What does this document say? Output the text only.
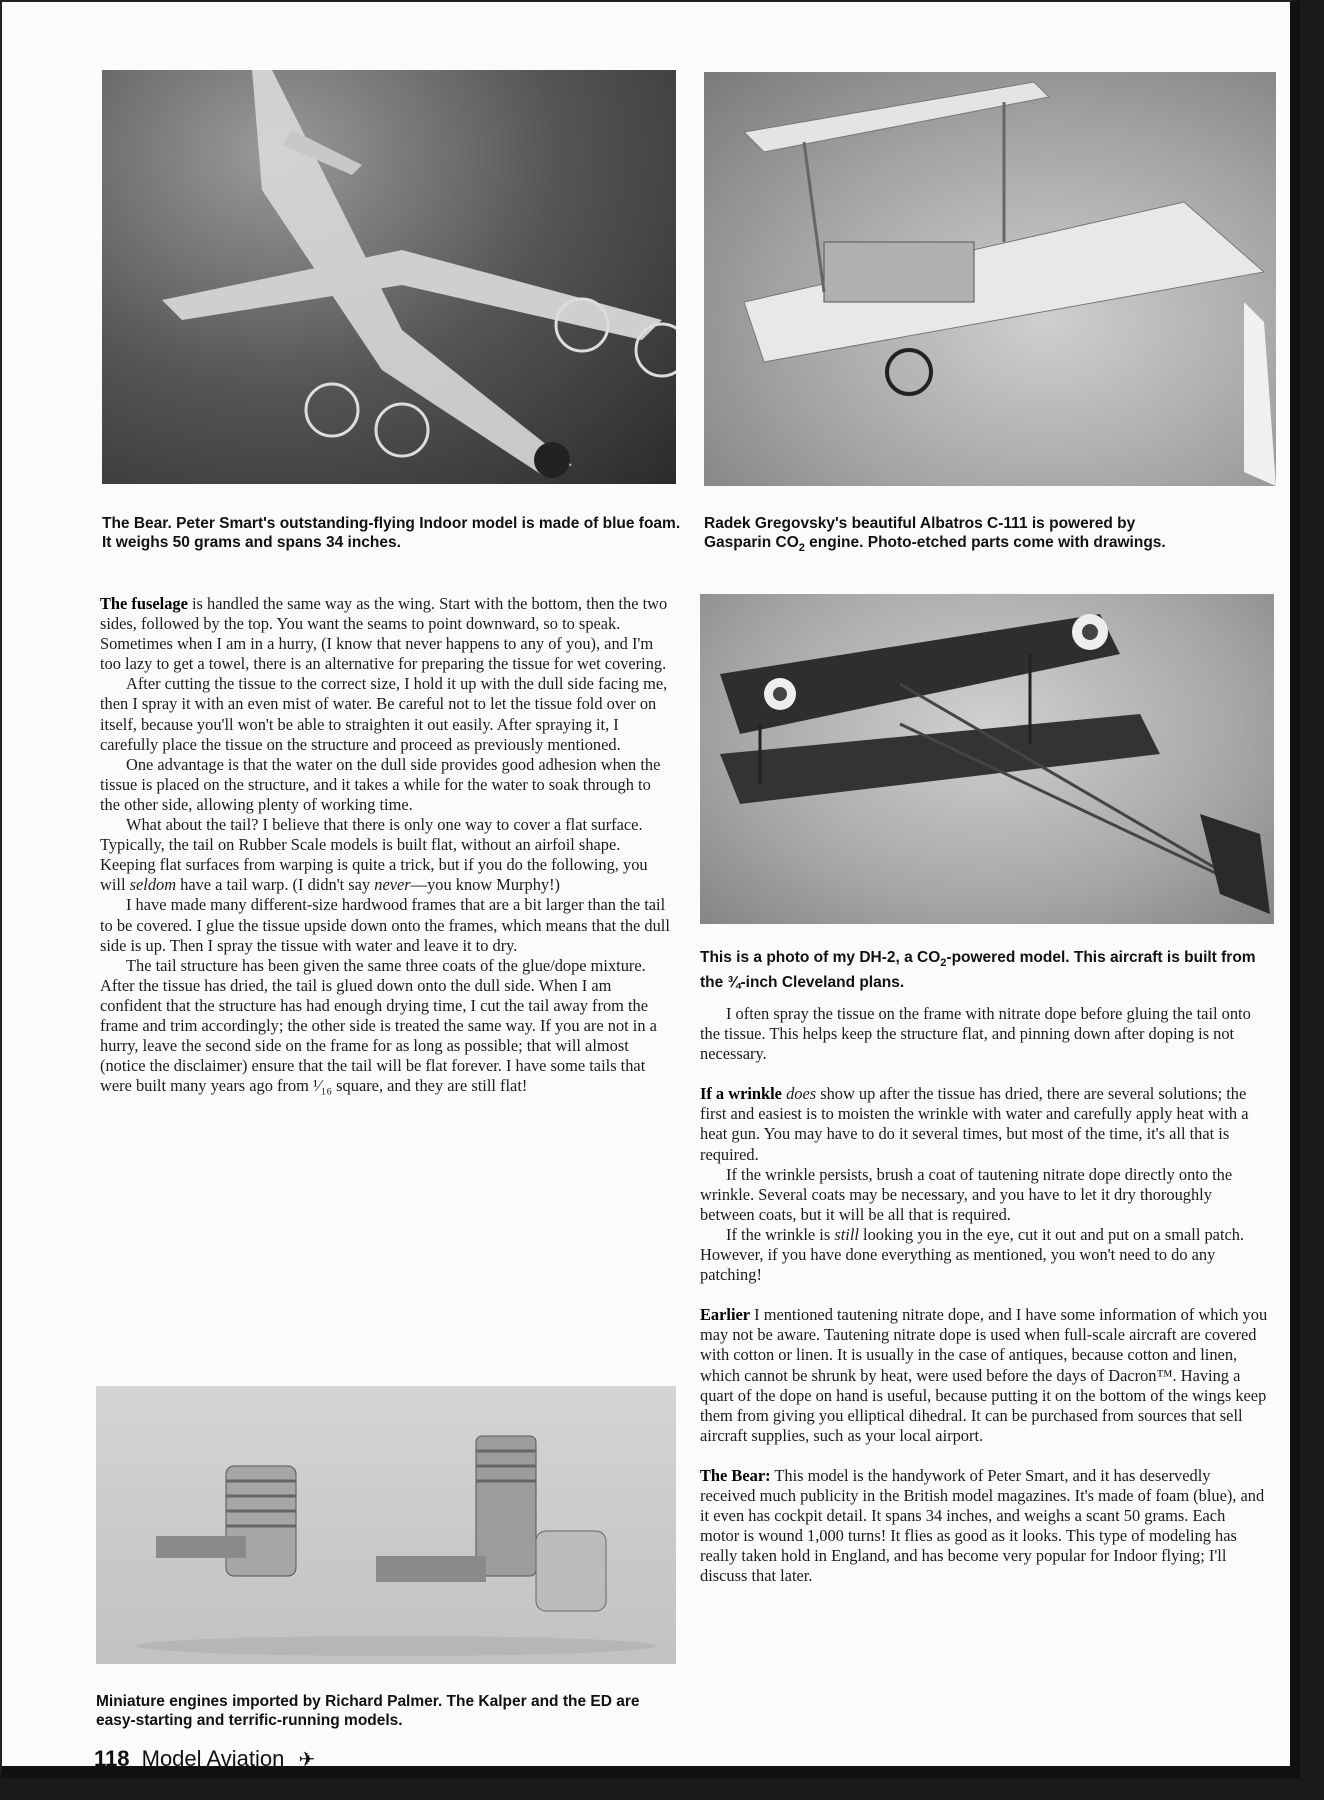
The Bear. Peter Smart's outstanding-flying Indoor model is made of blue foam. It weighs 50 grams and spans 34 inches.
Radek Gregovsky's beautiful Albatros C-111 is powered by
Gasparin $CO_2$ engine. Photo-etched parts come with drawings.
This is a photo of my DH-2, a $CO_2$-powered model. This aircraft is built from the ¾-inch Cleveland plans.

The fuselage is handled the same way as the wing. Start with the bottom, then the two sides, followed by the top. You want the seams to point downward, so to speak. Sometimes when I am in a hurry, (I know that never happens to any of you), and I'm too lazy to get a towel, there is an alternative for preparing the tissue for wet covering.

After cutting the tissue to the correct size, I hold it up with the dull side facing me, then I spray it with an even mist of water. Be careful not to let the tissue fold over on itself, because you'll won't be able to straighten it out easily. After spraying it, I carefully place the tissue on the structure and proceed as previously mentioned.

One advantage is that the water on the dull side provides good adhesion when the tissue is placed on the structure, and it takes a while for the water to soak through to the other side, allowing plenty of working time.

What about the tail? I believe that there is only one way to cover a flat surface. Typically, the tail on Rubber Scale models is built flat, without an airfoil shape. Keeping flat surfaces from warping is quite a trick, but if you do the following, you will seldom have a tail warp. (I didn't say never—you know Murphy!)

I have made many different-size hardwood frames that are a bit larger than the tail to be covered. I glue the tissue upside down onto the frames, which means that the dull side is up. Then I spray the tissue with water and leave it to dry.

The tail structure has been given the same three coats of the glue/dope mixture. After the tissue has dried, the tail is glued down onto the dull side. When I am confident that the structure has had enough drying time, I cut the tail away from the frame and trim accordingly; the other side is treated the same way. If you are not in a hurry, leave the second side on the frame for as long as possible; that will almost (notice the disclaimer) ensure that the tail will be flat forever. I have some tails that were built many years ago from ¹⁄₁₆ square, and they are still flat!

Miniature engines imported by Richard Palmer. The Kalper and the ED are easy-starting and terrific-running models.

I often spray the tissue on the frame with nitrate dope before gluing the tail onto the tissue. This helps keep the structure flat, and pinning down after doping is not necessary.

If a wrinkle does show up after the tissue has dried, there are several solutions; the first and easiest is to moisten the wrinkle with water and carefully apply heat with a heat gun. You may have to do it several times, but most of the time, it's all that is required.

If the wrinkle persists, brush a coat of tautening nitrate dope directly onto the wrinkle. Several coats may be necessary, and you have to let it dry thoroughly between coats, but it will be all that is required.

If the wrinkle is still looking you in the eye, cut it out and put on a small patch. However, if you have done everything as mentioned, you won't need to do any patching!

Earlier I mentioned tautening nitrate dope, and I have some information of which you may not be aware. Tautening nitrate dope is used when full-scale aircraft are covered with cotton or linen. It is usually in the case of antiques, because cotton and linen, which cannot be shrunk by heat, were used before the days of Dacron™. Having a quart of the dope on hand is useful, because putting it on the bottom of the wings keep them from giving you elliptical dihedral. It can be purchased from sources that sell aircraft supplies, such as your local airport.

The Bear: This model is the handywork of Peter Smart, and it has deservedly received much publicity in the British model magazines. It's made of foam (blue), and it even has cockpit detail. It spans 34 inches, and weighs a scant 50 grams. Each motor is wound 1,000 turns! It flies as good as it looks. This type of modeling has really taken hold in England, and has become very popular for Indoor flying; I'll discuss that later.

118 Model Aviation ✈
